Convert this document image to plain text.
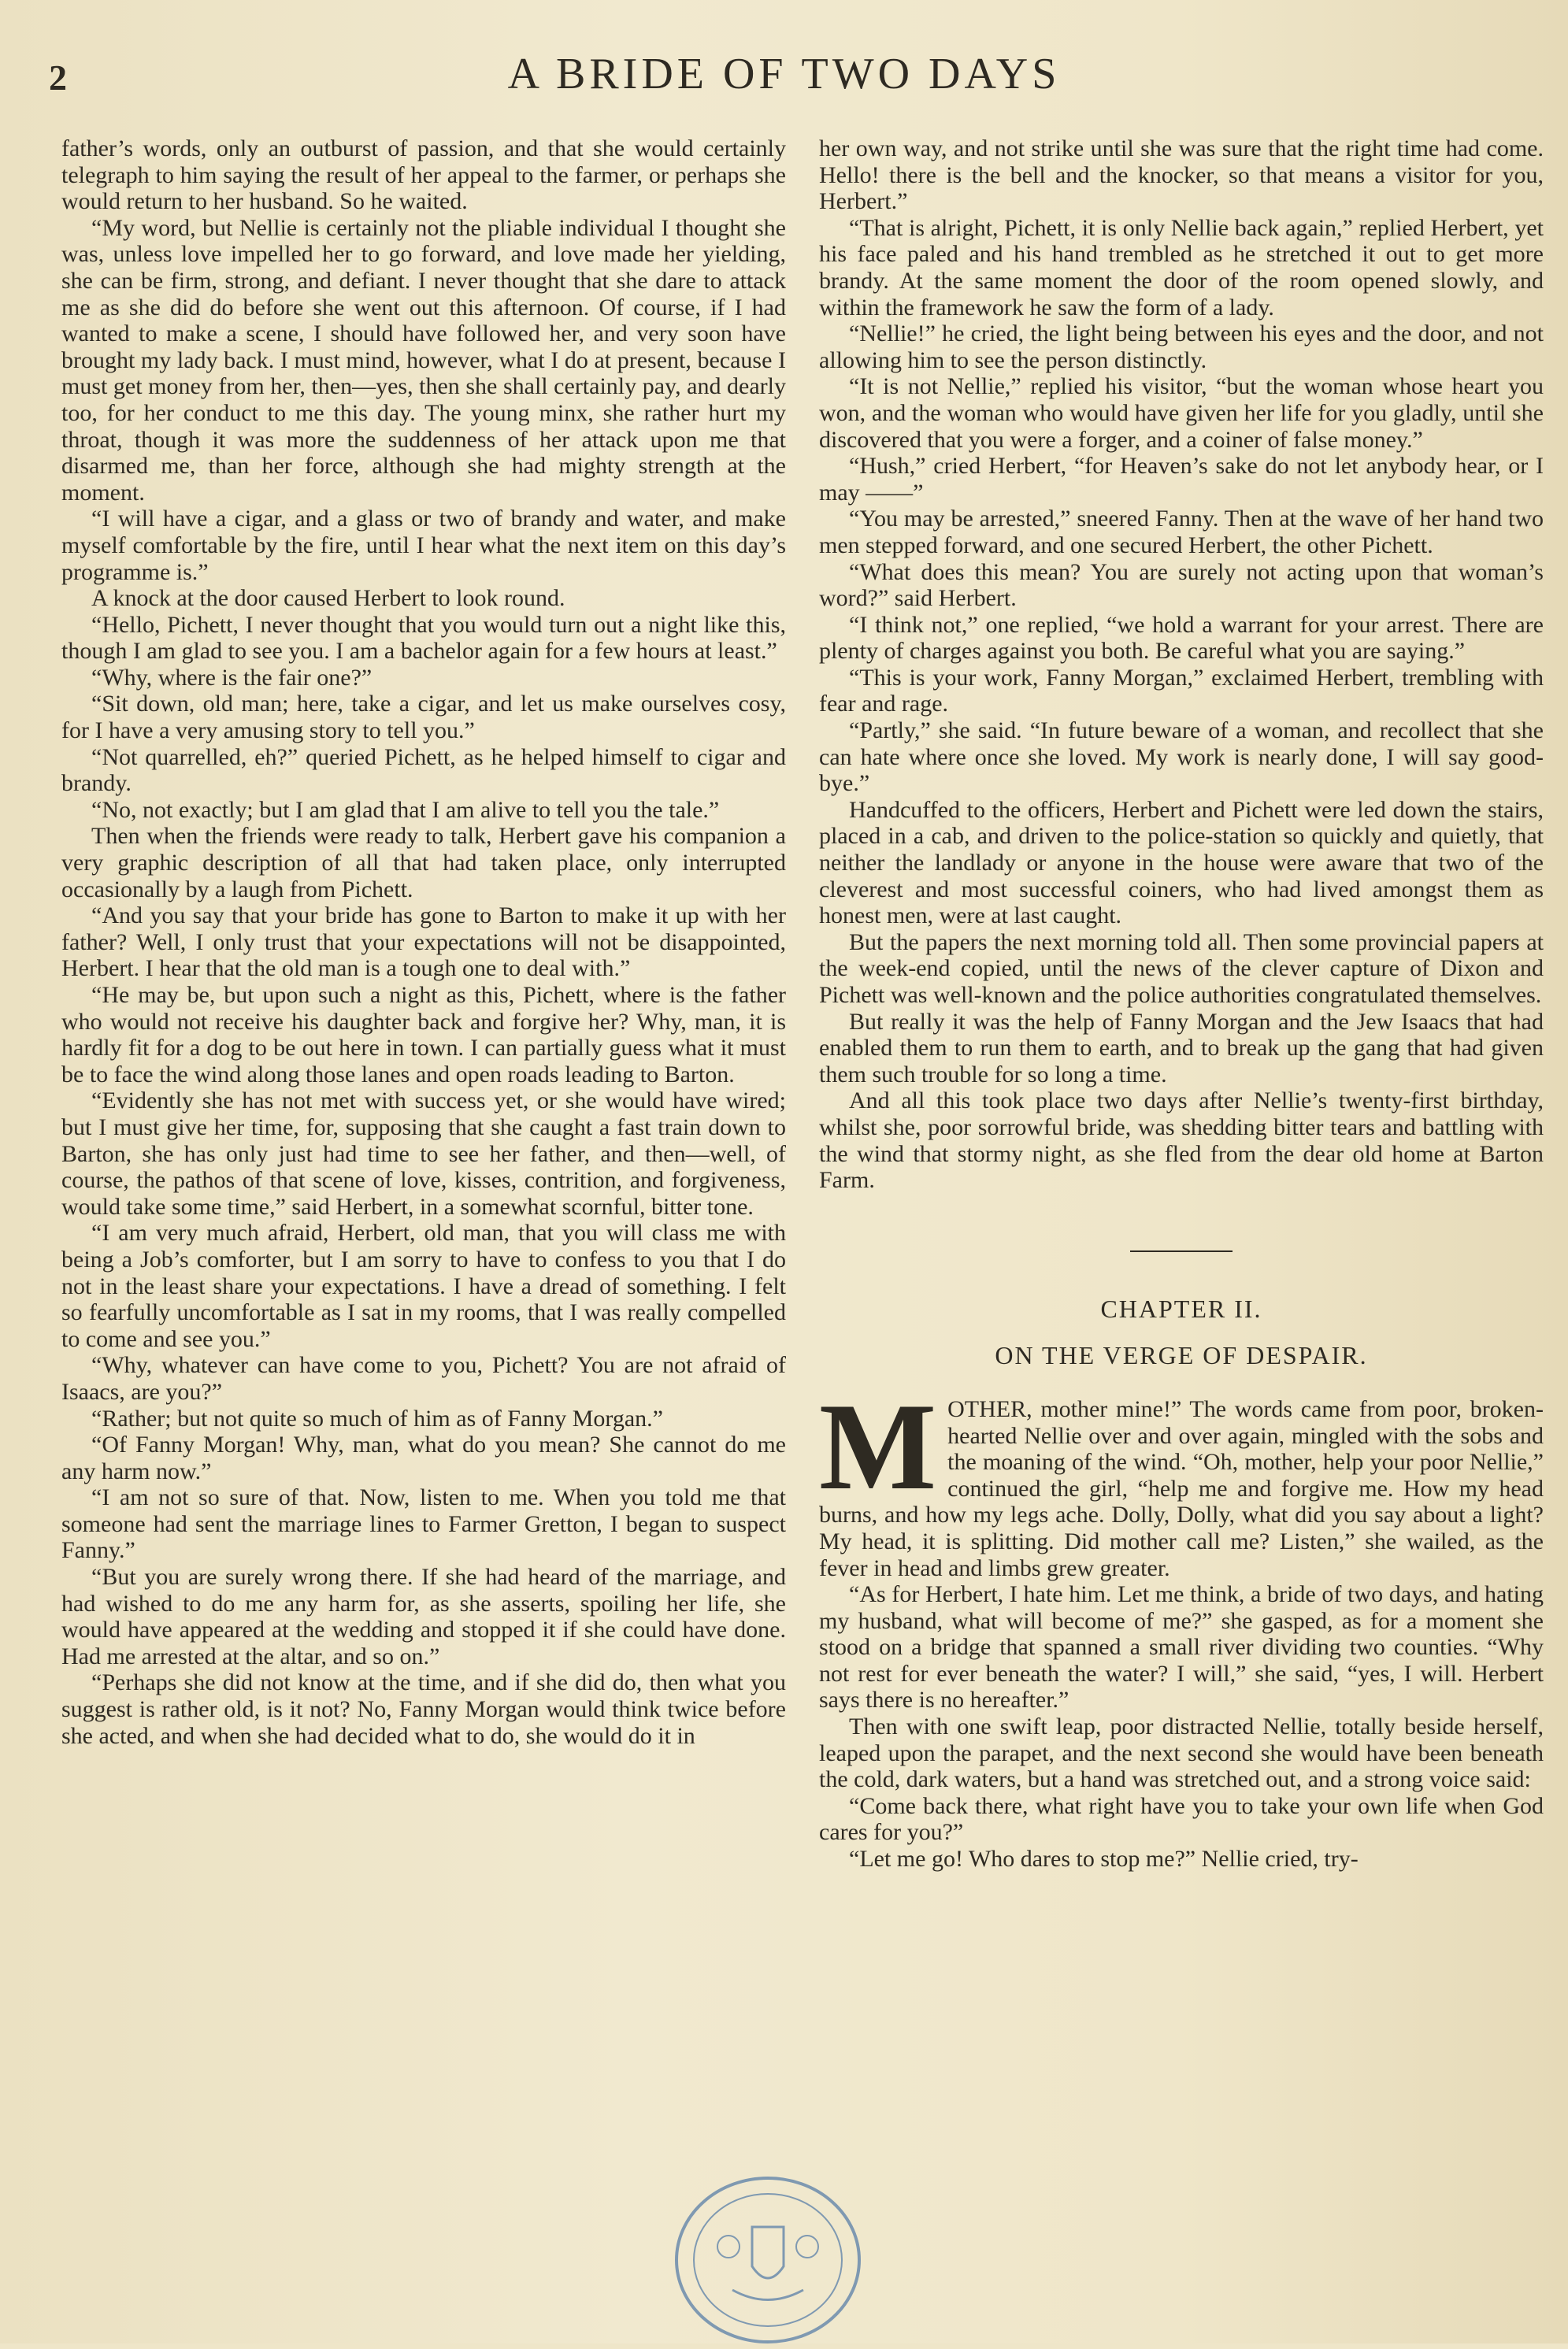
2	A BRIDE OF TWO DAYS

father’s words, only an outburst of passion, and that she would certainly telegraph to him saying the result of her appeal to the farmer, or perhaps she would return to her husband. So he waited.

“My word, but Nellie is certainly not the pliable individual I thought she was, unless love impelled her to go forward, and love made her yielding, she can be firm, strong, and defiant. I never thought that she dare to attack me as she did do before she went out this afternoon. Of course, if I had wanted to make a scene, I should have followed her, and very soon have brought my lady back. I must mind, however, what I do at present, because I must get money from her, then—yes, then she shall certainly pay, and dearly too, for her conduct to me this day. The young minx, she rather hurt my throat, though it was more the suddenness of her attack upon me that disarmed me, than her force, although she had mighty strength at the moment.

“I will have a cigar, and a glass or two of brandy and water, and make myself comfortable by the fire, until I hear what the next item on this day’s programme is.”

A knock at the door caused Herbert to look round.

“Hello, Pichett, I never thought that you would turn out a night like this, though I am glad to see you. I am a bachelor again for a few hours at least.”

“Why, where is the fair one?”

“Sit down, old man; here, take a cigar, and let us make ourselves cosy, for I have a very amusing story to tell you.”

“Not quarrelled, eh?” queried Pichett, as he helped himself to cigar and brandy.

“No, not exactly; but I am glad that I am alive to tell you the tale.”

Then when the friends were ready to talk, Herbert gave his companion a very graphic description of all that had taken place, only interrupted occasionally by a laugh from Pichett.

“And you say that your bride has gone to Barton to make it up with her father? Well, I only trust that your expectations will not be disappointed, Herbert. I hear that the old man is a tough one to deal with.”

“He may be, but upon such a night as this, Pichett, where is the father who would not receive his daughter back and forgive her? Why, man, it is hardly fit for a dog to be out here in town. I can partially guess what it must be to face the wind along those lanes and open roads leading to Barton.

“Evidently she has not met with success yet, or she would have wired; but I must give her time, for, supposing that she caught a fast train down to Barton, she has only just had time to see her father, and then—well, of course, the pathos of that scene of love, kisses, contrition, and forgiveness, would take some time,” said Herbert, in a somewhat scornful, bitter tone.

“I am very much afraid, Herbert, old man, that you will class me with being a Job’s comforter, but I am sorry to have to confess to you that I do not in the least share your expectations. I have a dread of something. I felt so fearfully uncomfortable as I sat in my rooms, that I was really compelled to come and see you.”

“Why, whatever can have come to you, Pichett? You are not afraid of Isaacs, are you?”

“Rather; but not quite so much of him as of Fanny Morgan.”

“Of Fanny Morgan! Why, man, what do you mean? She cannot do me any harm now.”

“I am not so sure of that. Now, listen to me. When you told me that someone had sent the marriage lines to Farmer Gretton, I began to suspect Fanny.”

“But you are surely wrong there. If she had heard of the marriage, and had wished to do me any harm for, as she asserts, spoiling her life, she would have appeared at the wedding and stopped it if she could have done. Had me arrested at the altar, and so on.”

“Perhaps she did not know at the time, and if she did do, then what you suggest is rather old, is it not? No, Fanny Morgan would think twice before she acted, and when she had decided what to do, she would do it in

her own way, and not strike until she was sure that the right time had come. Hello! there is the bell and the knocker, so that means a visitor for you, Herbert.”

“That is alright, Pichett, it is only Nellie back again,” replied Herbert, yet his face paled and his hand trembled as he stretched it out to get more brandy. At the same moment the door of the room opened slowly, and within the framework he saw the form of a lady.

“Nellie!” he cried, the light being between his eyes and the door, and not allowing him to see the person distinctly.

“It is not Nellie,” replied his visitor, “but the woman whose heart you won, and the woman who would have given her life for you gladly, until she discovered that you were a forger, and a coiner of false money.”

“Hush,” cried Herbert, “for Heaven’s sake do not let anybody hear, or I may ——”

“You may be arrested,” sneered Fanny. Then at the wave of her hand two men stepped forward, and one secured Herbert, the other Pichett.

“What does this mean? You are surely not acting upon that woman’s word?” said Herbert.

“I think not,” one replied, “we hold a warrant for your arrest. There are plenty of charges against you both. Be careful what you are saying.”

“This is your work, Fanny Morgan,” exclaimed Herbert, trembling with fear and rage.

“Partly,” she said. “In future beware of a woman, and recollect that she can hate where once she loved. My work is nearly done, I will say good-bye.”

Handcuffed to the officers, Herbert and Pichett were led down the stairs, placed in a cab, and driven to the police-station so quickly and quietly, that neither the landlady or anyone in the house were aware that two of the cleverest and most successful coiners, who had lived amongst them as honest men, were at last caught.

But the papers the next morning told all. Then some provincial papers at the week-end copied, until the news of the clever capture of Dixon and Pichett was well-known and the police authorities congratulated themselves.

But really it was the help of Fanny Morgan and the Jew Isaacs that had enabled them to run them to earth, and to break up the gang that had given them such trouble for so long a time.

And all this took place two days after Nellie’s twenty-first birthday, whilst she, poor sorrowful bride, was shedding bitter tears and battling with the wind that stormy night, as she fled from the dear old home at Barton Farm.

CHAPTER II.
ON THE VERGE OF DESPAIR.

MOTHER, mother mine!” The words came from poor, broken-hearted Nellie over and over again, mingled with the sobs and the moaning of the wind. “Oh, mother, help your poor Nellie,” continued the girl, “help me and forgive me. How my head burns, and how my legs ache. Dolly, Dolly, what did you say about a light? My head, it is splitting. Did mother call me? Listen,” she wailed, as the fever in head and limbs grew greater.

“As for Herbert, I hate him. Let me think, a bride of two days, and hating my husband, what will become of me?” she gasped, as for a moment she stood on a bridge that spanned a small river dividing two counties. “Why not rest for ever beneath the water? I will,” she said, “yes, I will. Herbert says there is no hereafter.”

Then with one swift leap, poor distracted Nellie, totally beside herself, leaped upon the parapet, and the next second she would have been beneath the cold, dark waters, but a hand was stretched out, and a strong voice said:

“Come back there, what right have you to take your own life when God cares for you?”

“Let me go! Who dares to stop me?” Nellie cried, try-
